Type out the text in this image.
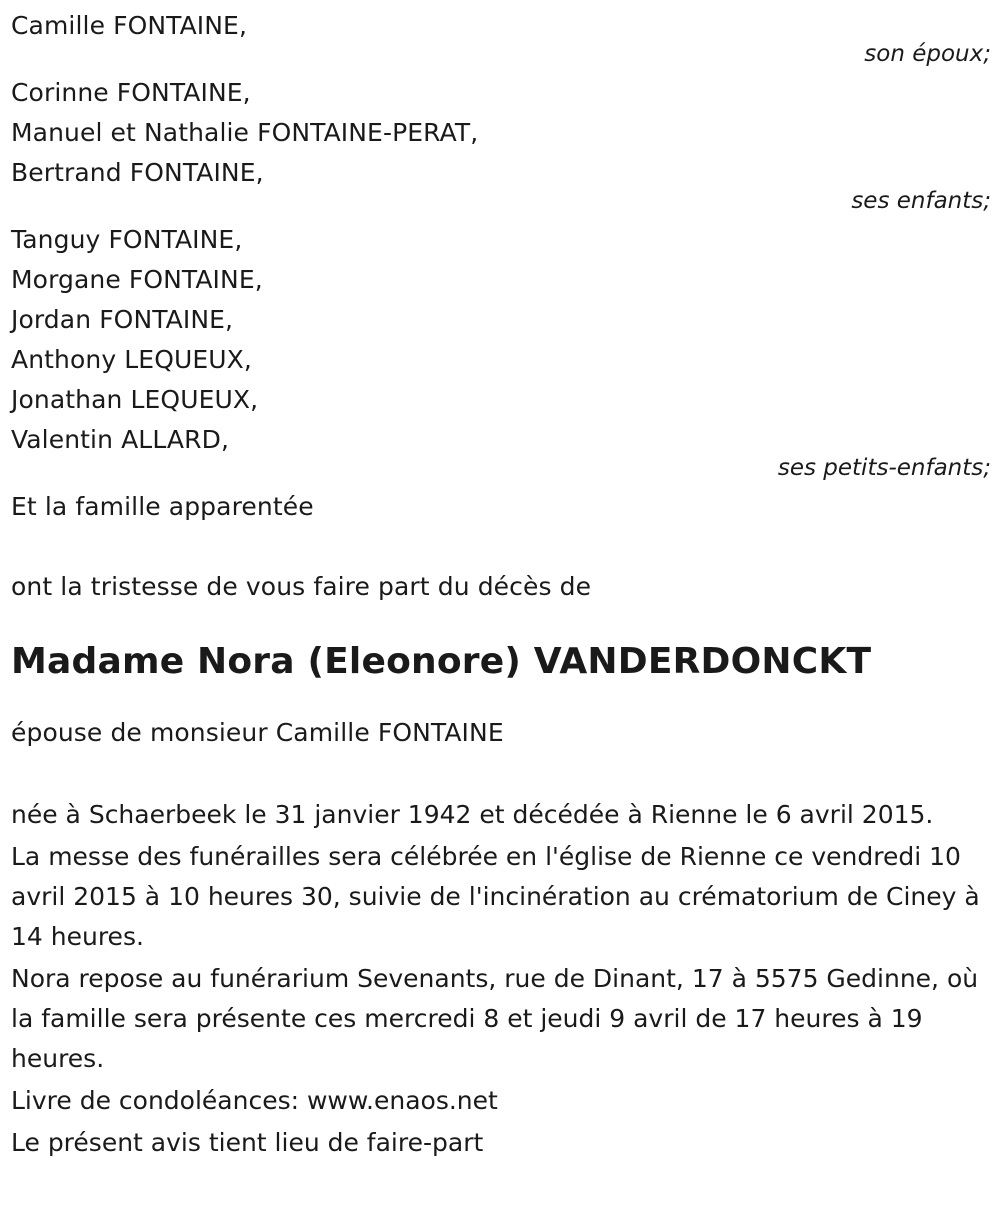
Camille FONTAINE,
son époux;
Corinne FONTAINE,
Manuel et Nathalie FONTAINE-PERAT,
Bertrand FONTAINE,
ses enfants;
Tanguy FONTAINE,
Morgane FONTAINE,
Jordan FONTAINE,
Anthony LEQUEUX,
Jonathan LEQUEUX,
Valentin ALLARD,
ses petits-enfants;
Et la famille apparentée
ont la tristesse de vous faire part du décès de
Madame Nora (Eleonore) VANDERDONCKT
épouse de monsieur Camille FONTAINE
née à Schaerbeek le 31 janvier 1942 et décédée à Rienne le 6 avril 2015.
La messe des funérailles sera célébrée en l'église de Rienne ce vendredi 10 avril 2015 à 10 heures 30, suivie de l'incinération au crématorium de Ciney à 14 heures.
Nora repose au funérarium Sevenants, rue de Dinant, 17 à 5575 Gedinne, où la famille sera présente ces mercredi 8 et jeudi 9 avril de 17 heures à 19 heures.
Livre de condoléances: www.enaos.net
Le présent avis tient lieu de faire-part
